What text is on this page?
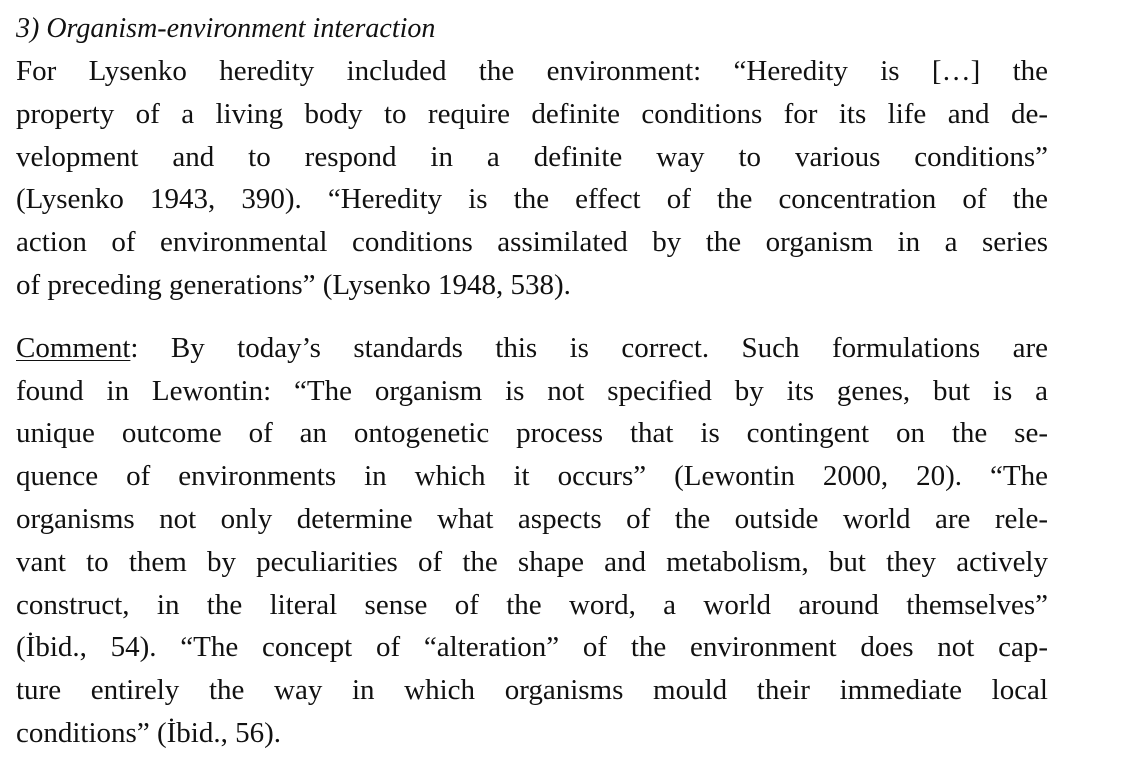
3) Organism-environment interaction
For Lysenko heredity included the environment: “Heredity is […] the
property of a living body to require definite conditions for its life and de-
velopment and to respond in a definite way to various conditions”
(Lysenko 1943, 390). “Heredity is the effect of the concentration of the
action of environmental conditions assimilated by the organism in a series
of preceding generations” (Lysenko 1948, 538).
Comment: By today’s standards this is correct. Such formulations are
found in Lewontin: “The organism is not specified by its genes, but is a
unique outcome of an ontogenetic process that is contingent on the se-
quence of environments in which it occurs” (Lewontin 2000, 20). “The
organisms not only determine what aspects of the outside world are rele-
vant to them by peculiarities of the shape and metabolism, but they actively
construct, in the literal sense of the word, a world around themselves”
(İbid., 54). “The concept of “alteration” of the environment does not cap-
ture entirely the way in which organisms mould their immediate local
conditions” (İbid., 56).
